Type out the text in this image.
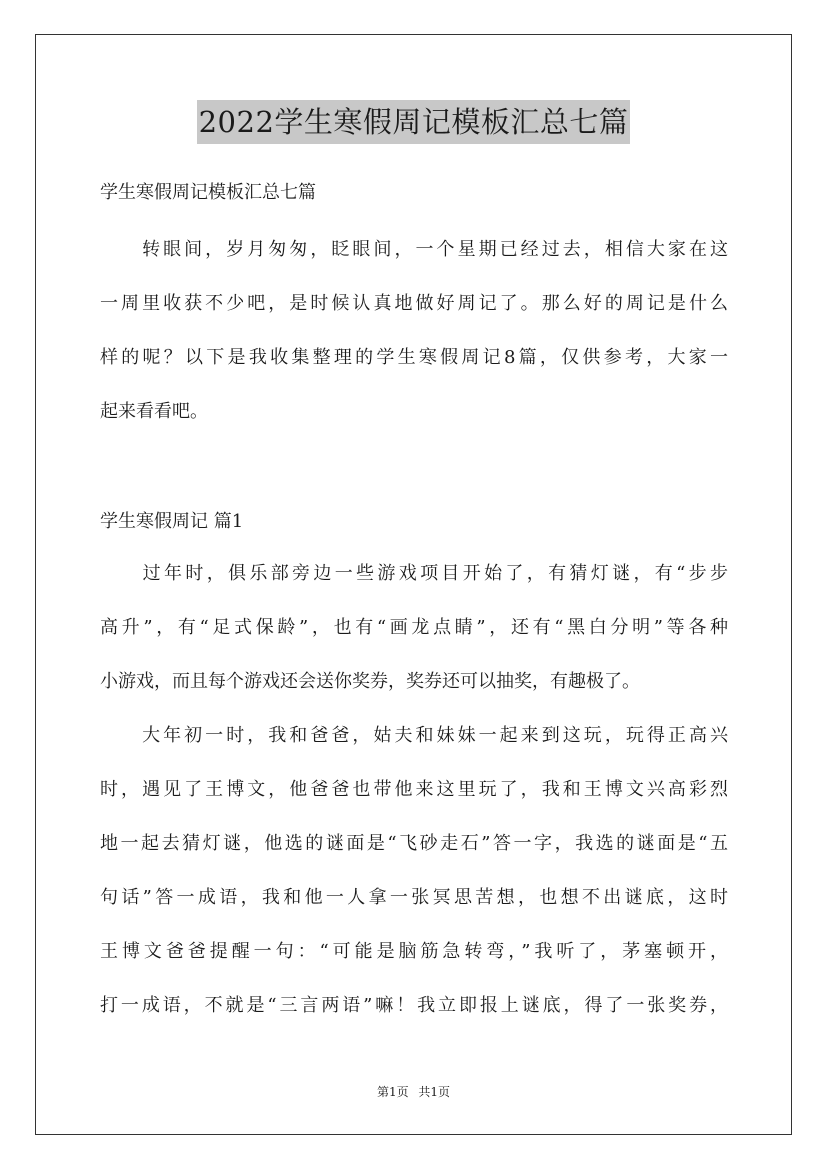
2022学生寒假周记模板汇总七篇
学生寒假周记模板汇总七篇
　　转眼间，岁月匆匆，眨眼间，一个星期已经过去，相信大家在这
一周里收获不少吧，是时候认真地做好周记了。那么好的周记是什么
样的呢？以下是我收集整理的学生寒假周记8篇，仅供参考，大家一
起来看看吧。
学生寒假周记 篇1
　　过年时，俱乐部旁边一些游戏项目开始了，有猜灯谜，有“步步
高升”，有“足式保龄”，也有“画龙点睛”，还有“黑白分明”等各种
小游戏，而且每个游戏还会送你奖券，奖券还可以抽奖，有趣极了。
　　大年初一时，我和爸爸，姑夫和妹妹一起来到这玩，玩得正高兴
时，遇见了王博文，他爸爸也带他来这里玩了，我和王博文兴高彩烈
地一起去猜灯谜，他选的谜面是“飞砂走石”答一字，我选的谜面是“五
句话”答一成语，我和他一人拿一张冥思苦想，也想不出谜底，这时
王博文爸爸提醒一句：“可能是脑筋急转弯，”我听了，茅塞顿开，
打一成语，不就是“三言两语”嘛！我立即报上谜底，得了一张奖券，
第1页 共1页
